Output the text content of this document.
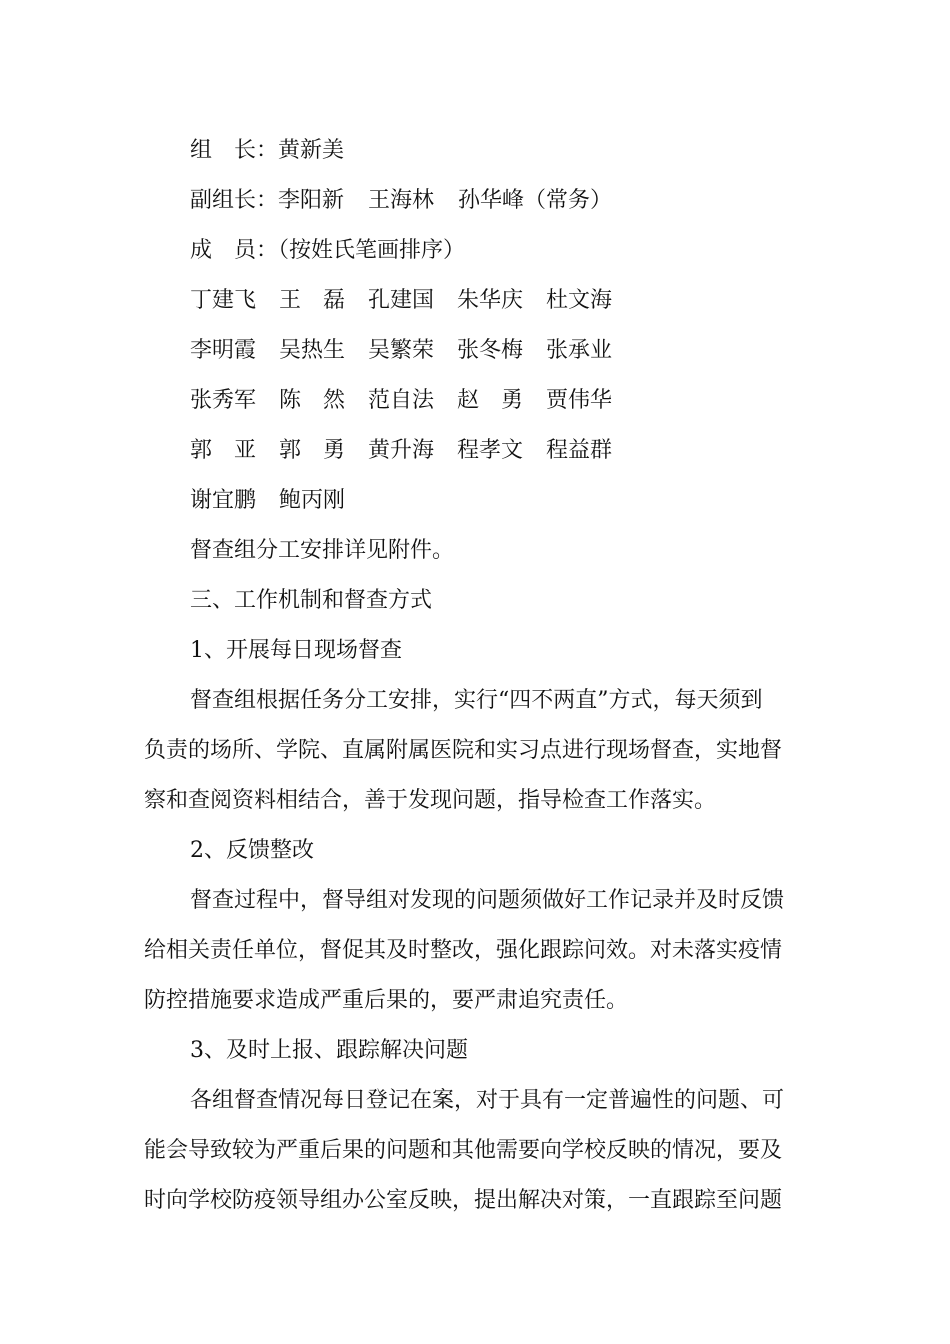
组　长：黄新美
副组长： 李阳新 王海林 孙华峰（常务）
成　员：（按姓氏笔画排序）
丁建飞 王　磊 孔建国 朱华庆 杜文海
李明霞 吴热生 吴繁荣 张冬梅 张承业
张秀军 陈　然 范自法 赵　勇 贾伟华
郭　亚 郭　勇 黄升海 程孝文 程益群
谢宜鹏 鲍丙刚
督查组分工安排详见附件。
三、工作机制和督查方式
1、开展每日现场督查
督查组根据任务分工安排，实行“四不两直”方式，每天须到
负责的场所、学院、直属附属医院和实习点进行现场督查，实地督
察和查阅资料相结合，善于发现问题，指导检查工作落实。
2、反馈整改
督查过程中，督导组对发现的问题须做好工作记录并及时反馈
给相关责任单位，督促其及时整改，强化跟踪问效。对未落实疫情
防控措施要求造成严重后果的，要严肃追究责任。
3、及时上报、跟踪解决问题
各组督查情况每日登记在案，对于具有一定普遍性的问题、可
能会导致较为严重后果的问题和其他需要向学校反映的情况，要及
时向学校防疫领导组办公室反映，提出解决对策，一直跟踪至问题
